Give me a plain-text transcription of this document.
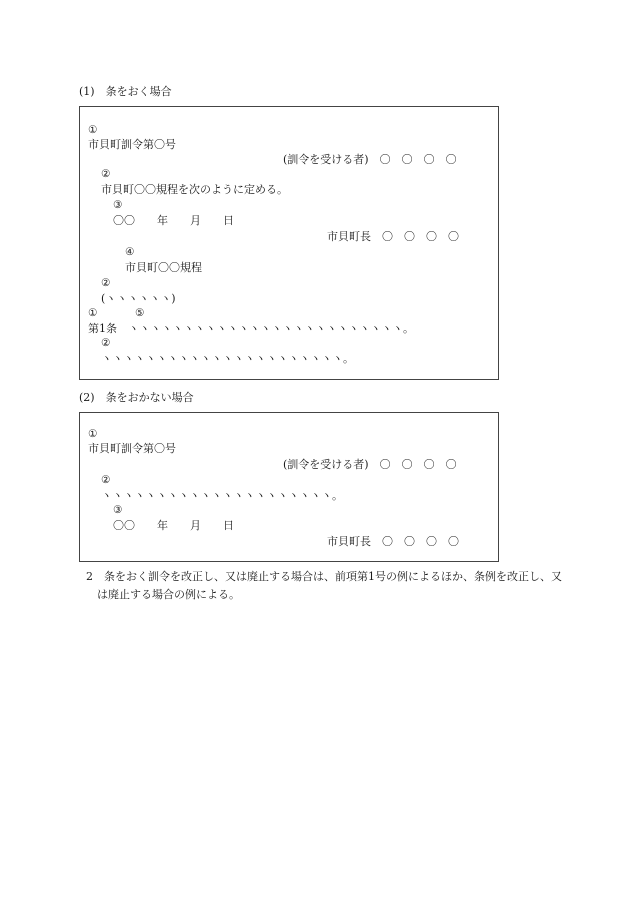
(1)　条をおく場合
①
市貝町訓令第〇号
(訓令を受ける者)　〇　〇　〇　〇
②
市貝町〇〇規程を次のように定める。
③
〇〇　　年　　月　　日
市貝町長　〇　〇　〇　〇
④
市貝町〇〇規程
②
(ヽヽヽヽヽヽ)
①	⑤
第1条　ヽヽヽヽヽヽヽヽヽヽヽヽヽヽヽヽヽヽヽヽヽヽヽヽヽ。
②
ヽヽヽヽヽヽヽヽヽヽヽヽヽヽヽヽヽヽヽヽヽヽ。
(2)　条をおかない場合
①
市貝町訓令第〇号
(訓令を受ける者)　〇　〇　〇　〇
②
ヽヽヽヽヽヽヽヽヽヽヽヽヽヽヽヽヽヽヽヽヽ。
③
〇〇　　年　　月　　日
市貝町長　〇　〇　〇　〇
2　条をおく訓令を改正し、又は廃止する場合は、前項第1号の例によるほか、条例を改正し、又は廃止する場合の例による。
